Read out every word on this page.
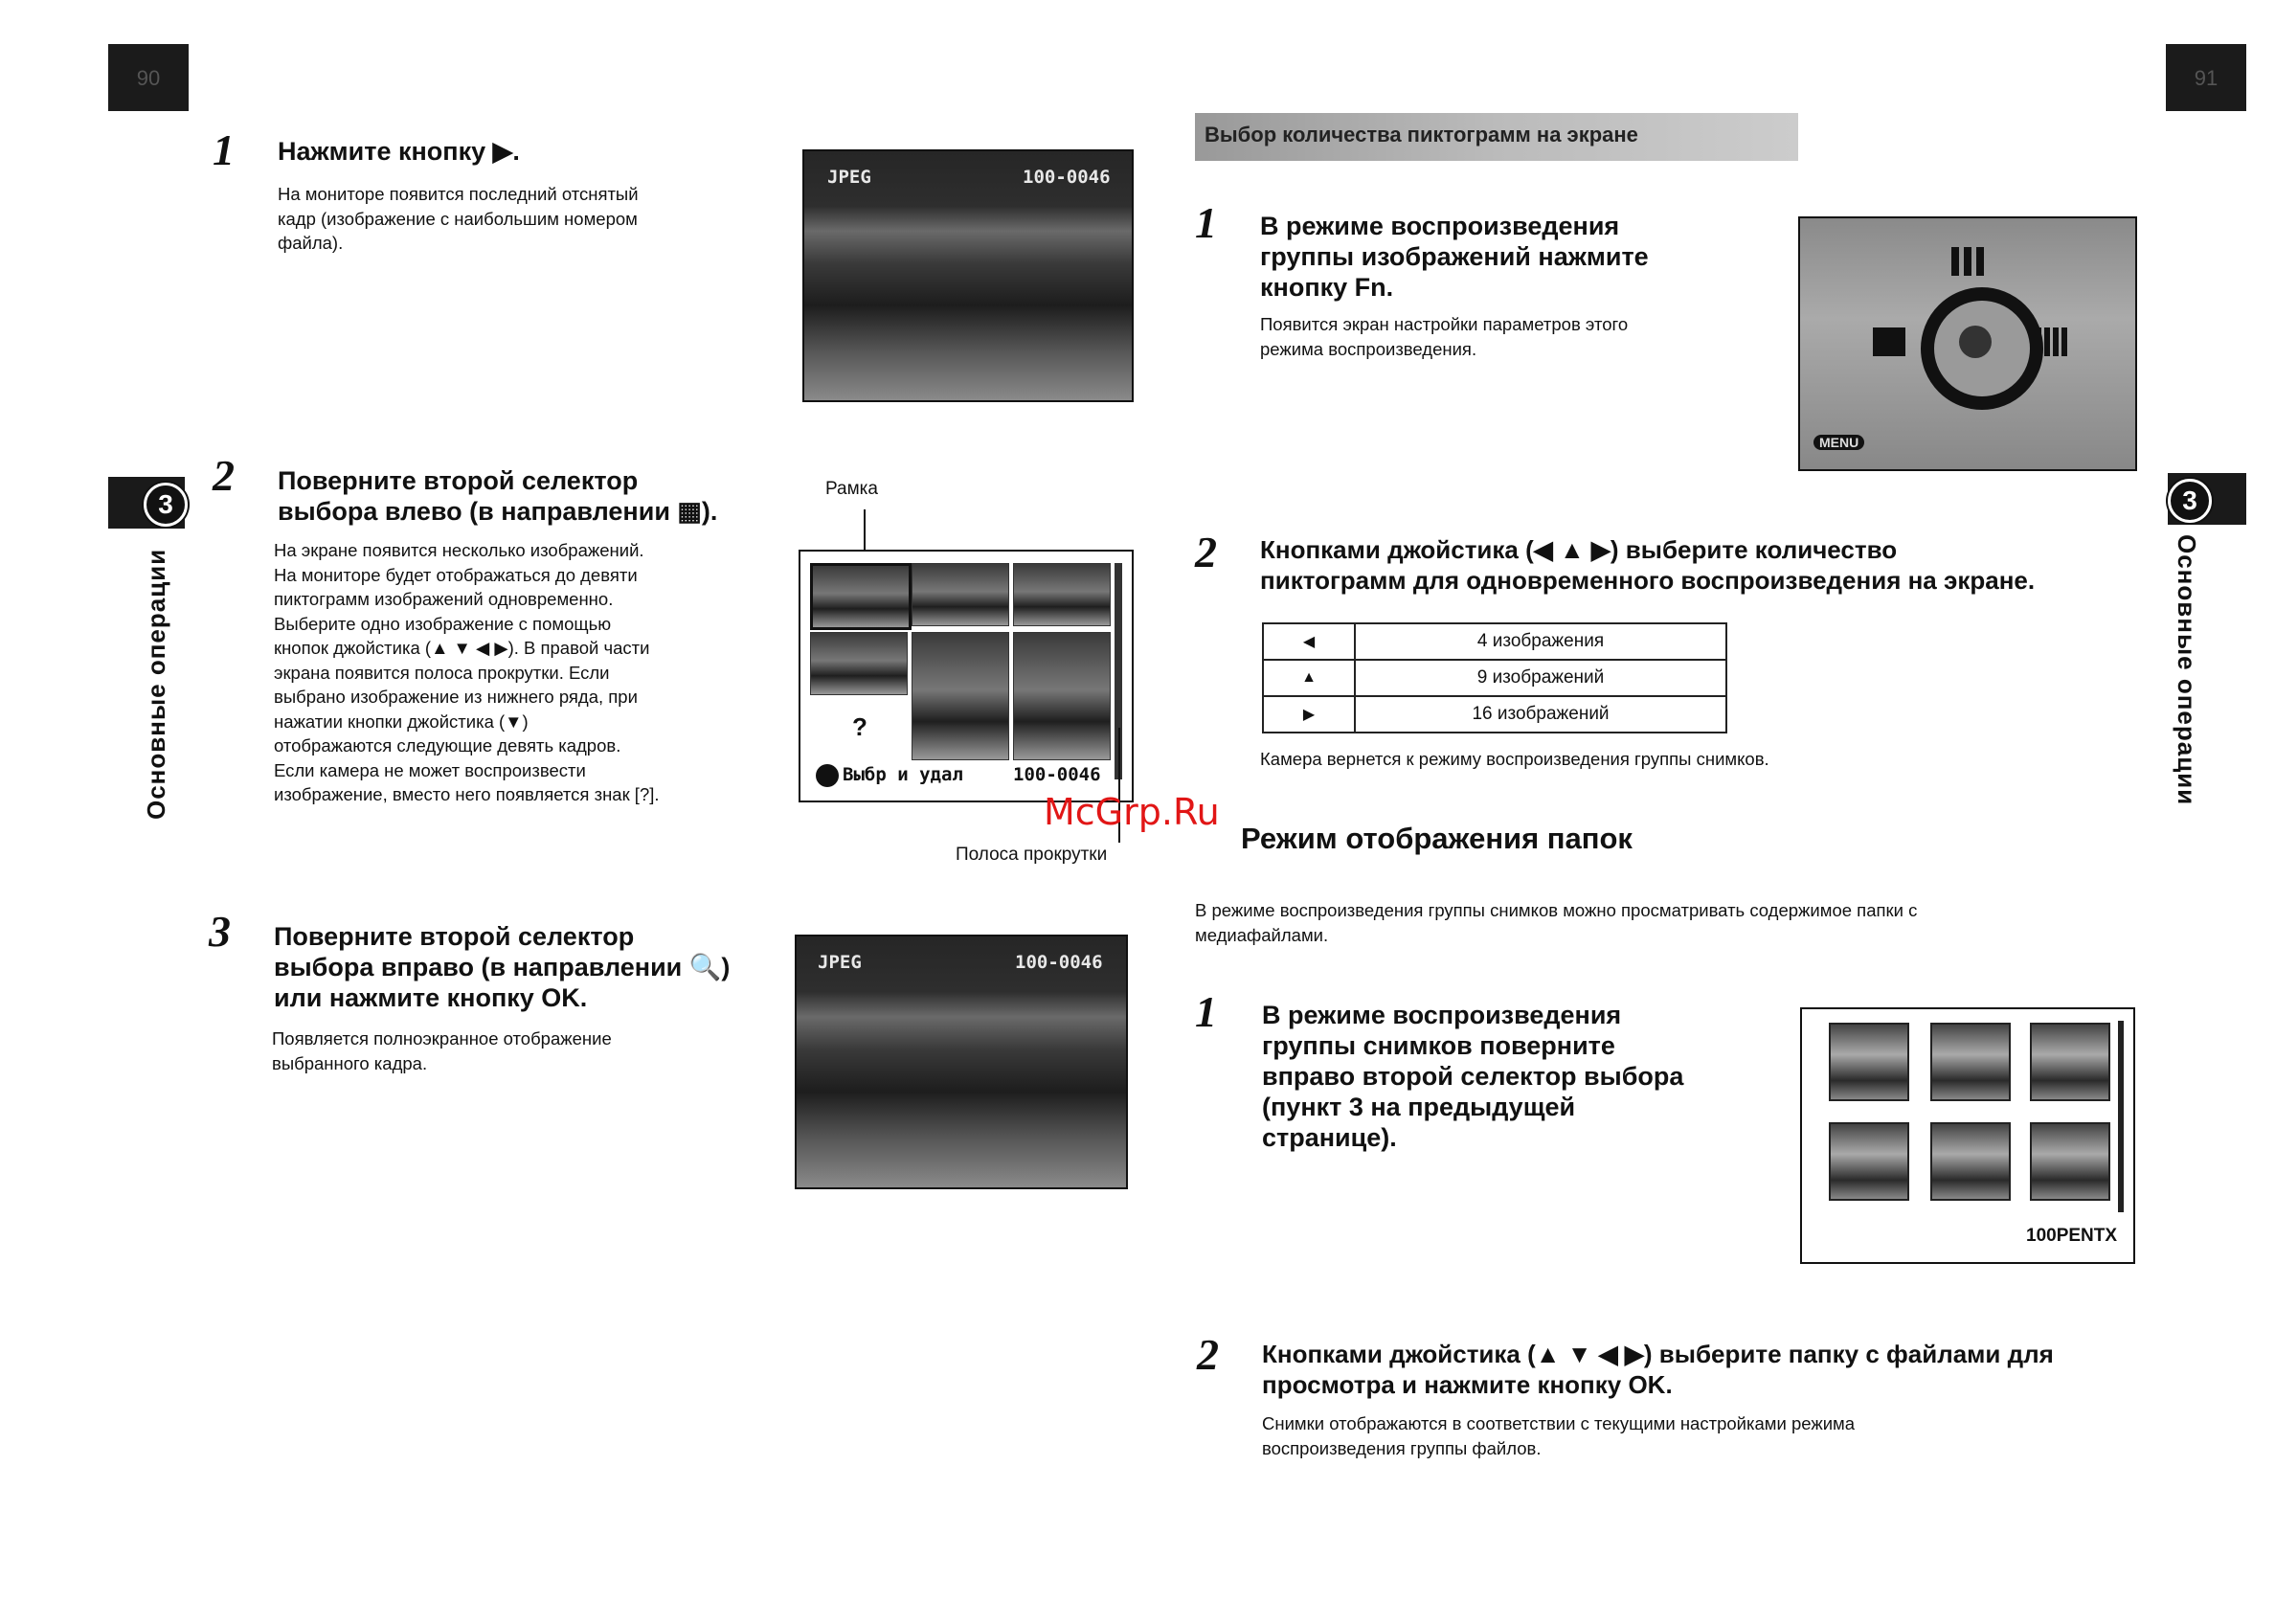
90	91
3
Основные операции
3
Основные операции
1 Нажмите кнопку ▶.
На мониторе появится последний отснятый
кадр (изображение с наибольшим номером
файла).
JPEG	100-0046
2 Поверните второй селектор
выбора влево (в направлении ▦).
На экране появится несколько изображений.
На мониторе будет отображаться до девяти
пиктограмм изображений одновременно.
Выберите одно изображение с помощью
кнопок джойстика (▲ ▼ ◀ ▶). В правой части
экрана появится полоса прокрутки. Если
выбрано изображение из нижнего ряда, при
нажатии кнопки джойстика (▼)
отображаются следующие девять кадров.
Если камера не может воспроизвести
изображение, вместо него появляется знак [?].
Рамка
?
Выбр и удал	100-0046
Полоса прокрутки
3 Поверните второй селектор
выбора вправо (в направлении 🔍)
или нажмите кнопку OK.
Появляется полноэкранное отображение
выбранного кадра.
JPEG	100-0046
Выбор количества пиктограмм на экране
1 В режиме воспроизведения
группы изображений нажмите
кнопку Fn.
Появится экран настройки параметров этого
режима воспроизведения.
MENU
2 Кнопками джойстика (◀ ▲ ▶) выберите количество
пиктограмм для одновременного воспроизведения на экране.
◀	4 изображения
▲	9 изображений
▶	16 изображений
Камера вернется к режиму воспроизведения группы снимков.
McGrp.Ru
Режим отображения папок
В режиме воспроизведения группы снимков можно просматривать содержимое папки с
медиафайлами.
1 В режиме воспроизведения
группы снимков поверните
вправо второй селектор выбора
(пункт 3 на предыдущей
странице).
100PENTX
2 Кнопками джойстика (▲ ▼ ◀ ▶) выберите папку с файлами для
просмотра и нажмите кнопку OK.
Снимки отображаются в соответствии с текущими настройками режима
воспроизведения группы файлов.
